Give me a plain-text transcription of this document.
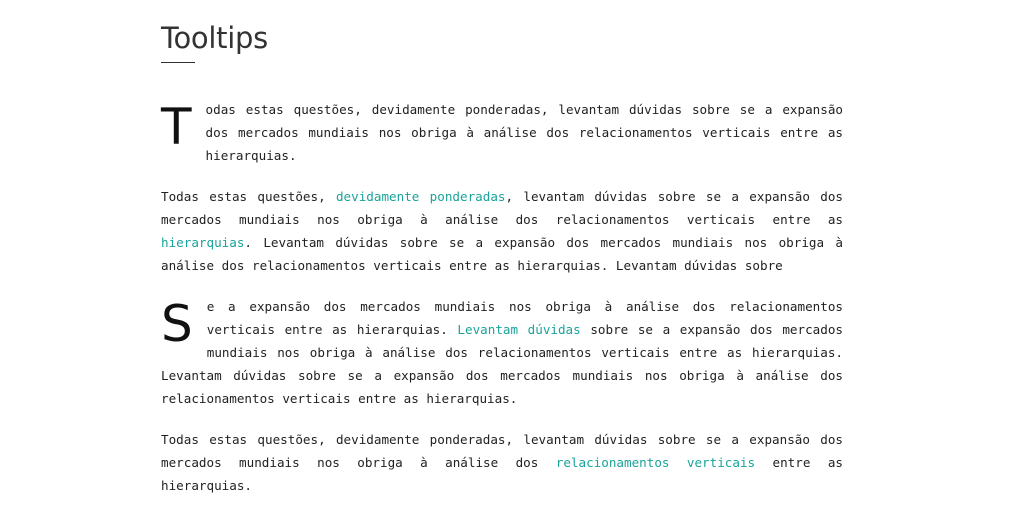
Tooltips

T odas estas questões, devidamente ponderadas, levantam dúvidas sobre se a expansão dos mercados mundiais nos obriga à análise dos relacionamentos verticais entre as hierarquias.

Todas estas questões, devidamente ponderadas, levantam dúvidas sobre se a expansão dos mercados mundiais nos obriga à análise dos relacionamentos verticais entre as hierarquias. Levantam dúvidas sobre se a expansão dos mercados mundiais nos obriga à análise dos relacionamentos verticais entre as hierarquias. Levantam dúvidas sobre

S e a expansão dos mercados mundiais nos obriga à análise dos relacionamentos verticais entre as hierarquias. Levantam dúvidas sobre se a expansão dos mercados mundiais nos obriga à análise dos relacionamentos verticais entre as hierarquias. Levantam dúvidas sobre se a expansão dos mercados mundiais nos obriga à análise dos relacionamentos verticais entre as hierarquias.

Todas estas questões, devidamente ponderadas, levantam dúvidas sobre se a expansão dos mercados mundiais nos obriga à análise dos relacionamentos verticais entre as hierarquias.
